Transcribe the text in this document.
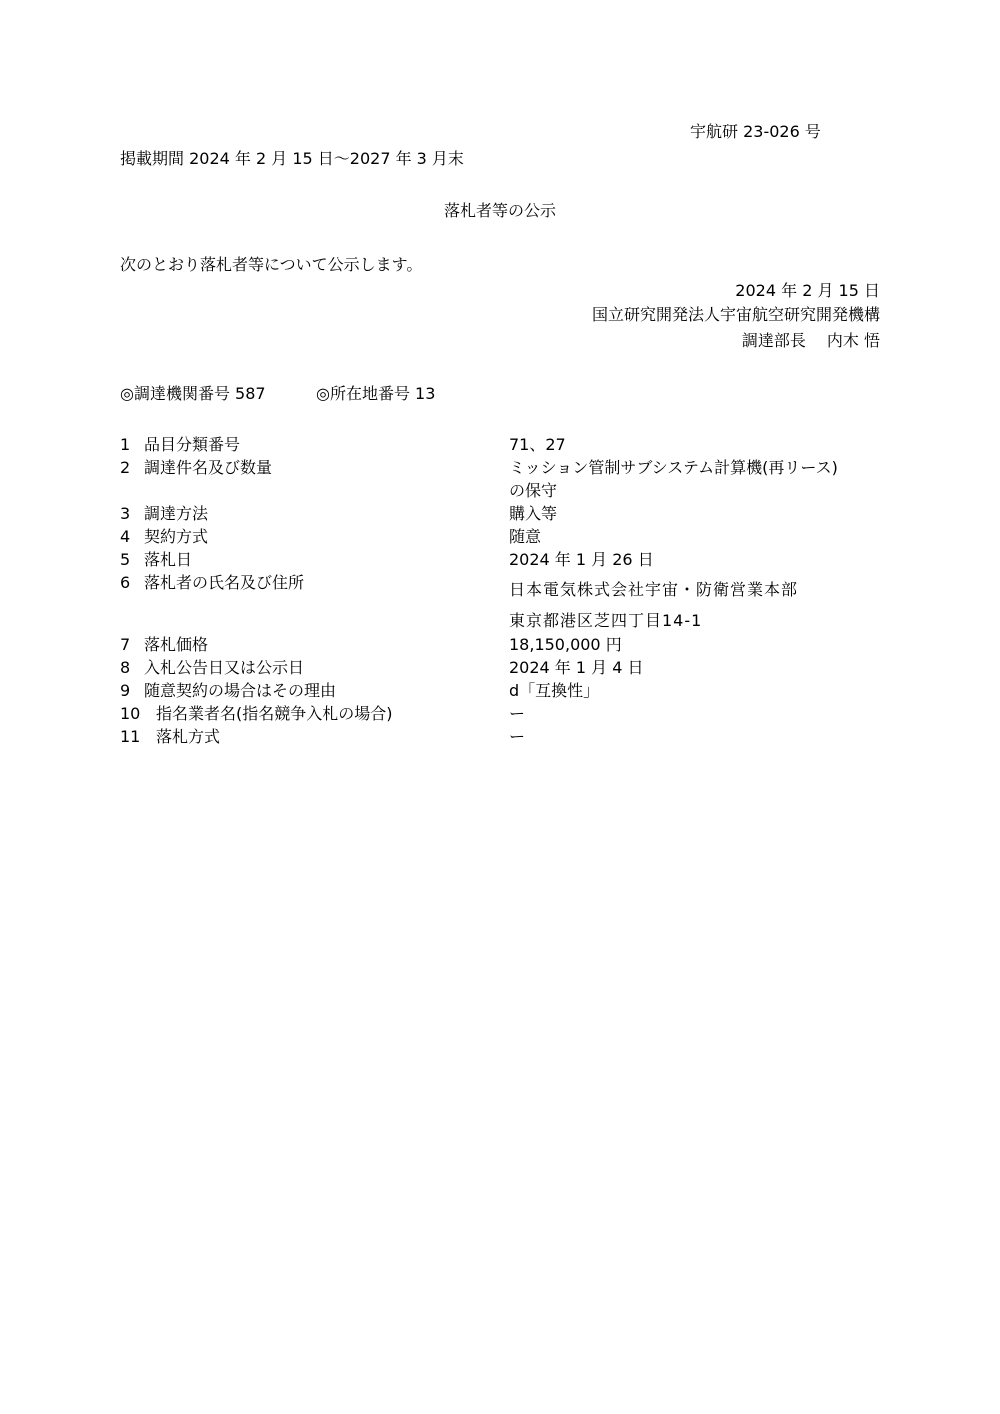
宇航研 23-026 号
掲載期間 2024 年 2 月 15 日～2027 年 3 月末
落札者等の公示
次のとおり落札者等について公示します。
2024 年 2 月 15 日
国立研究開発法人宇宙航空研究開発機構
調達部長 　内木 悟
◎調達機関番号 587	◎所在地番号 13
1 品目分類番号	71、27
2 調達件名及び数量	ミッション管制サブシステム計算機(再リース)
の保守
3 調達方法	購入等
4 契約方式	随意
5 落札日	2024 年 1 月 26 日
6 落札者の氏名及び住所	日本電気株式会社宇宙・防衛営業本部
東京都港区芝四丁目14-1
7 落札価格	18,150,000 円
8 入札公告日又は公示日	2024 年 1 月 4 日
9 随意契約の場合はその理由	d「互換性」
10 指名業者名(指名競争入札の場合)	ー
11 落札方式	ー
